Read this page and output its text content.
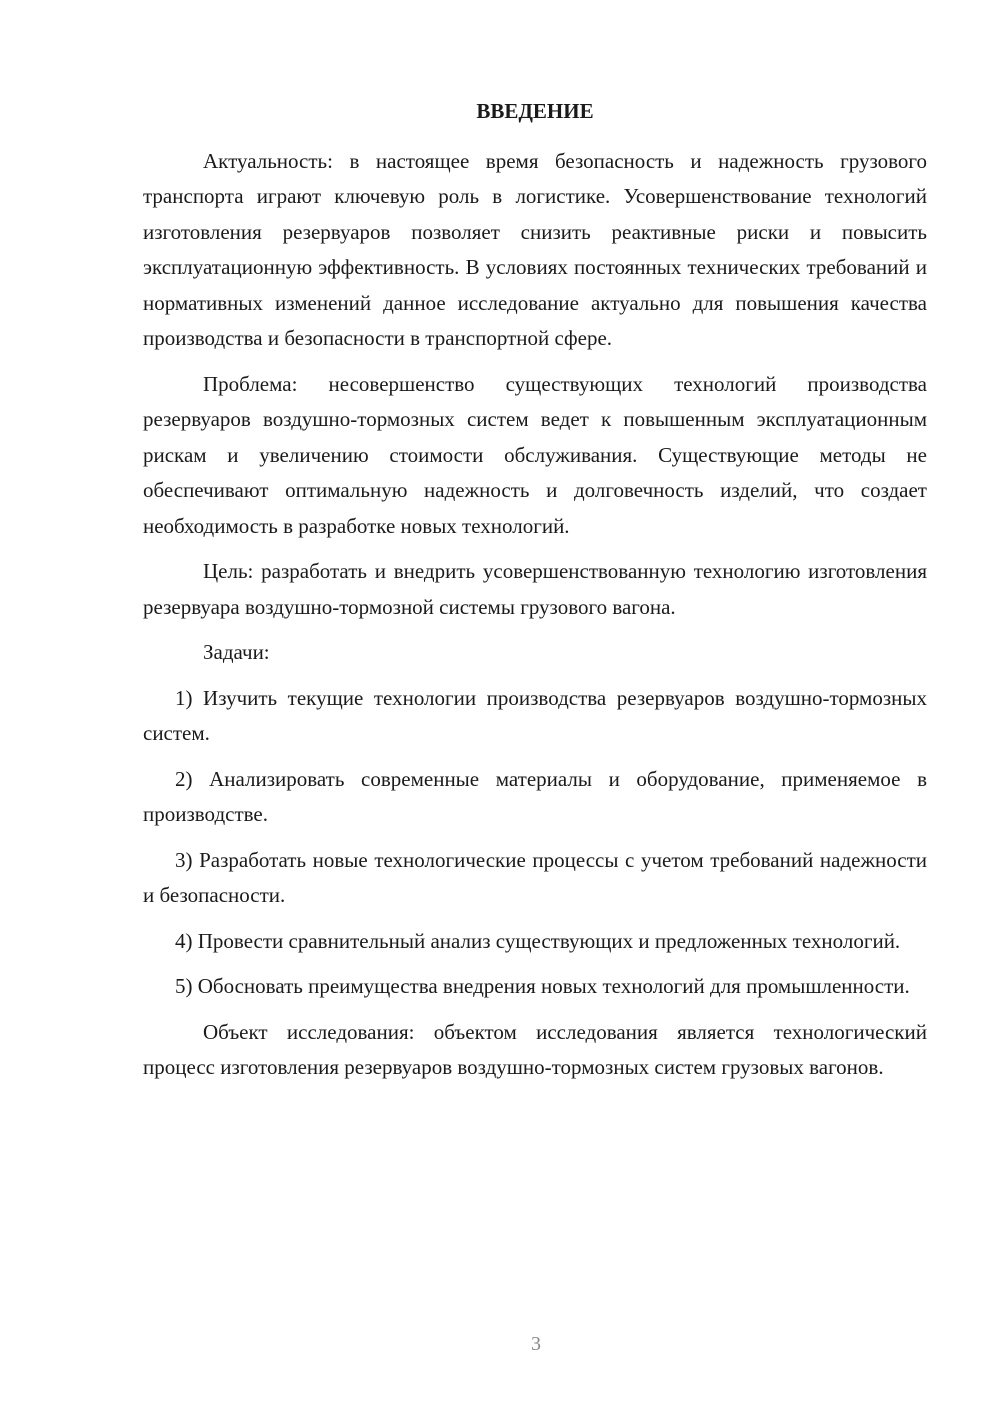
ВВЕДЕНИЕ

Актуальность: в настоящее время безопасность и надежность грузового транспорта играют ключевую роль в логистике. Усовершенствование технологий изготовления резервуаров позволяет снизить реактивные риски и повысить эксплуатационную эффективность. В условиях постоянных технических требований и нормативных изменений данное исследование актуально для повышения качества производства и безопасности в транспортной сфере.

Проблема: несовершенство существующих технологий производства резервуаров воздушно-тормозных систем ведет к повышенным эксплуатационным рискам и увеличению стоимости обслуживания. Существующие методы не обеспечивают оптимальную надежность и долговечность изделий, что создает необходимость в разработке новых технологий.

Цель: разработать и внедрить усовершенствованную технологию изготовления резервуара воздушно-тормозной системы грузового вагона.

Задачи:

1) Изучить текущие технологии производства резервуаров воздушно-тормозных систем.

2) Анализировать современные материалы и оборудование, применяемое в производстве.

3) Разработать новые технологические процессы с учетом требований надежности и безопасности.

4) Провести сравнительный анализ существующих и предложенных технологий.

5) Обосновать преимущества внедрения новых технологий для промышленности.

Объект исследования: объектом исследования является технологический процесс изготовления резервуаров воздушно-тормозных систем грузовых вагонов.

3
